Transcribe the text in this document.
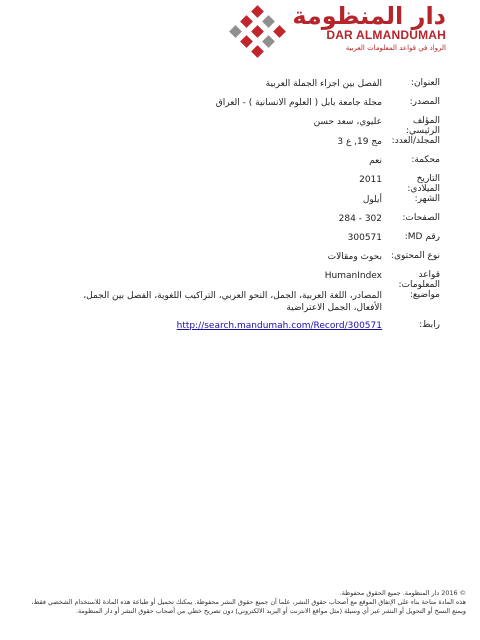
دار المنظومة
DAR ALMANDUMAH
الرواد في قواعد المعلومات العربية
العنوان:
الفصل بين اجزاء الجملة العربية
المصدر:
مجلة جامعة بابل ( العلوم الانسانية ) - العراق
المؤلف الرئيسي:
عليوي، سعد حسن
المجلد/العدد:
مج 19, ع 3
محكمة:
نعم
التاريخ الميلادي:
2011
الشهر:
أيلول
الصفحات:
284 - 302
رقم MD:
300571
نوع المحتوى:
بحوث ومقالات
قواعد المعلومات:
HumanIndex
مواضيع:
المصادر، اللغة العربية، الجمل، النحو العربي، التراكيب اللغوية، الفصل بين الجمل، الأفعال، الجمل الاعتراضية
رابط:
http://search.mandumah.com/Record/300571
© 2016 دار المنظومة. جميع الحقوق محفوظة.
هذه المادة متاحة بناء على الإتفاق الموقع مع أصحاب حقوق النشر، علما أن جميع حقوق النشر محفوظة. يمكنك تحميل أو طباعة هذه المادة للاستخدام الشخصي فقط، ويمنع النسخ أو التحويل أو النشر عبر أي وسيلة (مثل مواقع الانترنت أو البريد الالكتروني) دون تصريح خطي من أصحاب حقوق النشر أو دار المنظومة.
